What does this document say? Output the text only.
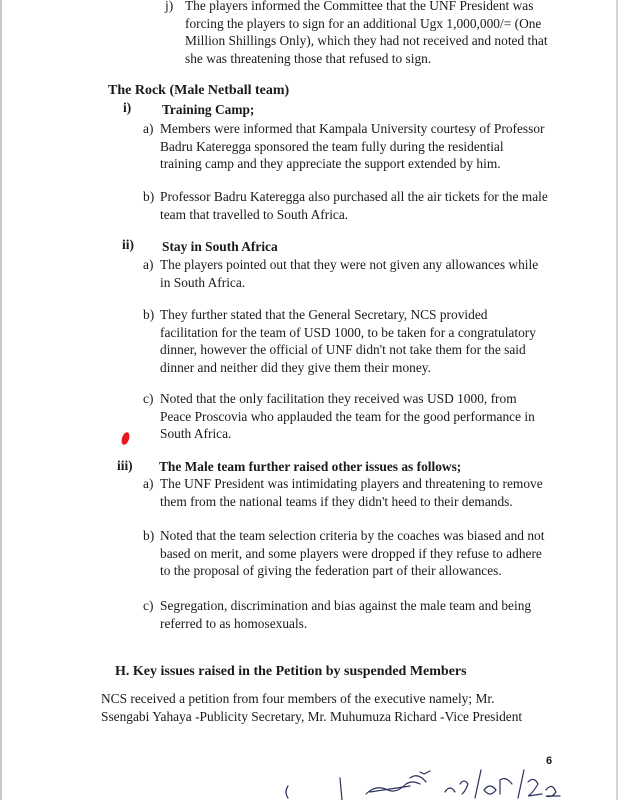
j) The players informed the Committee that the UNF President was
forcing the players to sign for an additional Ugx 1,000,000/= (One
Million Shillings Only), which they had not received and noted that
she was threatening those that refused to sign.
The Rock (Male Netball team)
i) Training Camp;
a) Members were informed that Kampala University courtesy of Professor
Badru Kateregga sponsored the team fully during the residential
training camp and they appreciate the support extended by him.
b) Professor Badru Kateregga also purchased all the air tickets for the male
team that travelled to South Africa.
ii) Stay in South Africa
a) The players pointed out that they were not given any allowances while
in South Africa.
b) They further stated that the General Secretary, NCS provided
facilitation for the team of USD 1000, to be taken for a congratulatory
dinner, however the official of UNF didn't not take them for the said
dinner and neither did they give them their money.
c) Noted that the only facilitation they received was USD 1000, from
Peace Proscovia who applauded the team for the good performance in
South Africa.
iii) The Male team further raised other issues as follows;
a) The UNF President was intimidating players and threatening to remove
them from the national teams if they didn't heed to their demands.
b) Noted that the team selection criteria by the coaches was biased and not
based on merit, and some players were dropped if they refuse to adhere
to the proposal of giving the federation part of their allowances.
c) Segregation, discrimination and bias against the male team and being
referred to as homosexuals.
H. Key issues raised in the Petition by suspended Members
NCS received a petition from four members of the executive namely; Mr.
Ssengabi Yahaya -Publicity Secretary, Mr. Muhumuza Richard -Vice President
6
